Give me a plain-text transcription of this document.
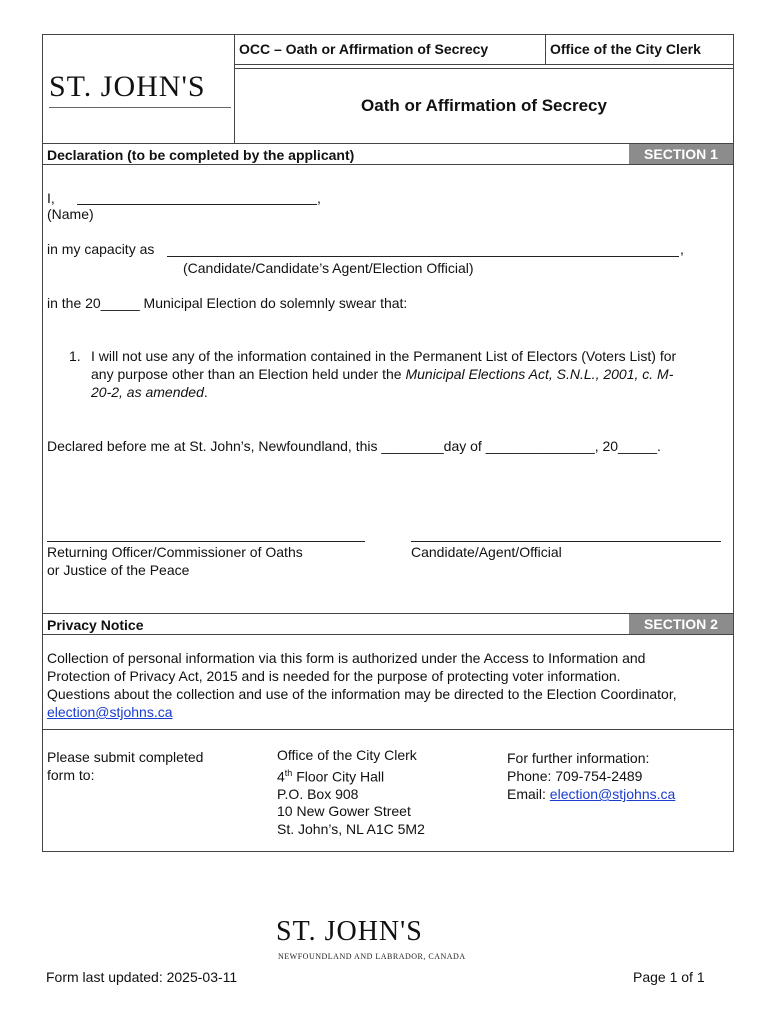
ST. JOHN'S
OCC – Oath or Affirmation of Secrecy	Office of the City Clerk
Oath or Affirmation of Secrecy
Declaration (to be completed by the applicant)	SECTION 1
I,	,
(Name)
in my capacity as	,
(Candidate/Candidate’s Agent/Election Official)
in the 20_____ Municipal Election do solemnly swear that:
1. I will not use any of the information contained in the Permanent List of Electors (Voters List) for
any purpose other than an Election held under the Municipal Elections Act, S.N.L., 2001, c. M-
20-2, as amended.
Declared before me at St. John’s, Newfoundland, this ________day of ______________, 20_____.
Returning Officer/Commissioner of Oaths
or Justice of the Peace
Candidate/Agent/Official
Privacy Notice	SECTION 2
Collection of personal information via this form is authorized under the Access to Information and
Protection of Privacy Act, 2015 and is needed for the purpose of protecting voter information.
Questions about the collection and use of the information may be directed to the Election Coordinator,
election@stjohns.ca
Please submit completed
form to:
Office of the City Clerk
4th Floor City Hall
P.O. Box 908
10 New Gower Street
St. John’s, NL A1C 5M2
For further information:
Phone: 709-754-2489
Email: election@stjohns.ca
ST. JOHN'S
NEWFOUNDLAND AND LABRADOR, CANADA
Form last updated: 2025-03-11	Page 1 of 1
